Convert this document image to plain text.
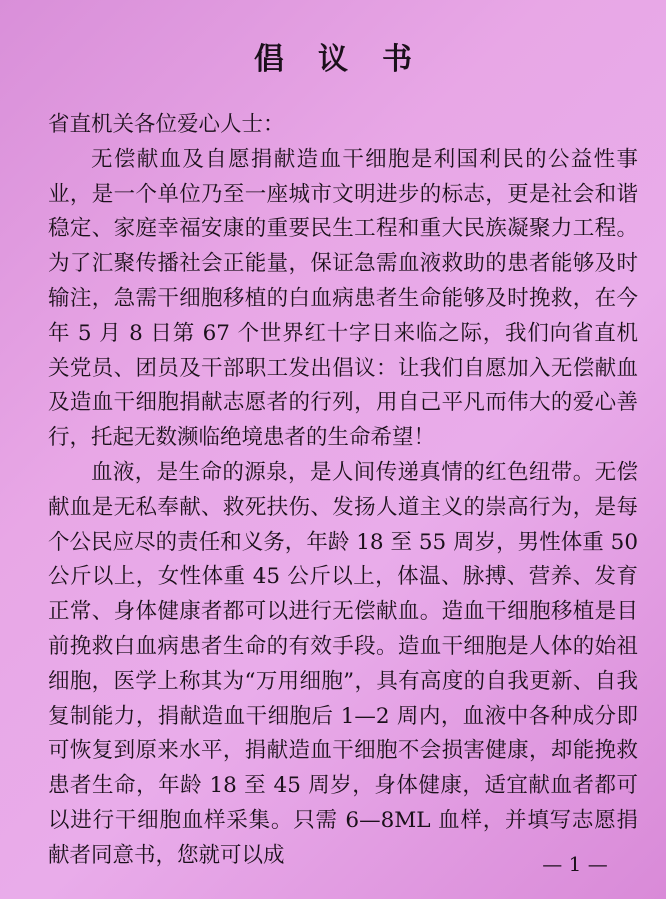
倡议书

省直机关各位爱心人士：

无偿献血及自愿捐献造血干细胞是利国利民的公益性事业，是一个单位乃至一座城市文明进步的标志，更是社会和谐稳定、家庭幸福安康的重要民生工程和重大民族凝聚力工程。为了汇聚传播社会正能量，保证急需血液救助的患者能够及时输注，急需干细胞移植的白血病患者生命能够及时挽救，在今年 5 月 8 日第 67 个世界红十字日来临之际，我们向省直机关党员、团员及干部职工发出倡议：让我们自愿加入无偿献血及造血干细胞捐献志愿者的行列，用自己平凡而伟大的爱心善行，托起无数濒临绝境患者的生命希望！

血液，是生命的源泉，是人间传递真情的红色纽带。无偿献血是无私奉献、救死扶伤、发扬人道主义的崇高行为，是每个公民应尽的责任和义务，年龄 18 至 55 周岁，男性体重 50 公斤以上，女性体重 45 公斤以上，体温、脉搏、营养、发育正常、身体健康者都可以进行无偿献血。造血干细胞移植是目前挽救白血病患者生命的有效手段。造血干细胞是人体的始祖细胞，医学上称其为“万用细胞”，具有高度的自我更新、自我复制能力，捐献造血干细胞后 1—2 周内，血液中各种成分即可恢复到原来水平，捐献造血干细胞不会损害健康，却能挽救患者生命，年龄 18 至 45 周岁，身体健康，适宜献血者都可以进行干细胞血样采集。只需 6—8ML 血样，并填写志愿捐献者同意书，您就可以成	— 1 —
